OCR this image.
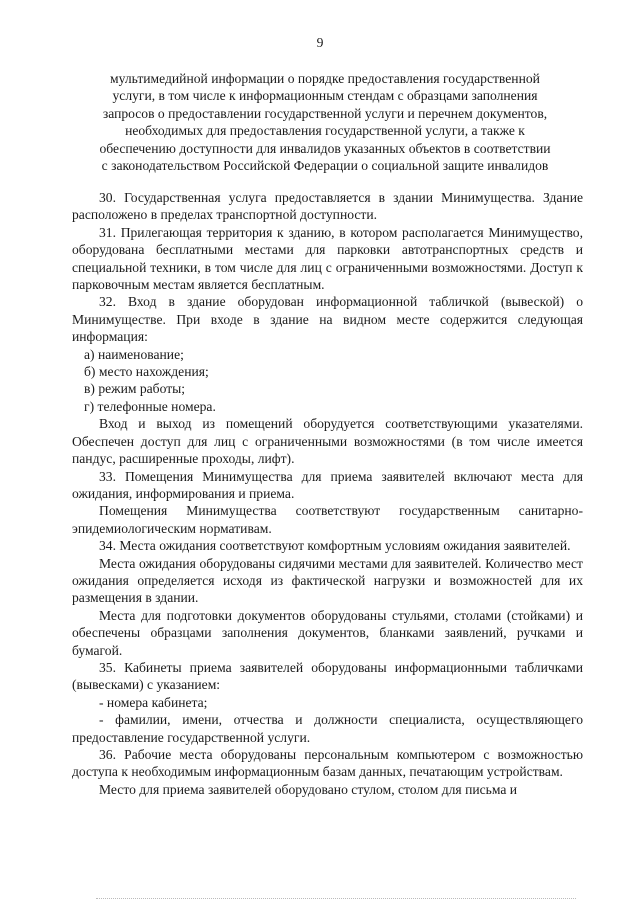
9
мультимедийной информации о порядке предоставления государственной
услуги, в том числе к информационным стендам с образцами заполнения
запросов о предоставлении государственной услуги и перечнем документов,
необходимых для предоставления государственной услуги, а также к
обеспечению доступности для инвалидов указанных объектов в соответствии
с законодательством Российской Федерации о социальной защите инвалидов
30. Государственная услуга предоставляется в здании Минимущества. Здание расположено в пределах транспортной доступности.
31. Прилегающая территория к зданию, в котором располагается Минимущество, оборудована бесплатными местами для парковки автотранспортных средств и специальной техники, в том числе для лиц с ограниченными возможностями. Доступ к парковочным местам является бесплатным.
32. Вход в здание оборудован информационной табличкой (вывеской) о Минимуществе. При входе в здание на видном месте содержится следующая информация:
а) наименование;
б) место нахождения;
в) режим работы;
г) телефонные номера.
Вход и выход из помещений оборудуется соответствующими указателями. Обеспечен доступ для лиц с ограниченными возможностями (в том числе имеется пандус, расширенные проходы, лифт).
33. Помещения Минимущества для приема заявителей включают места для ожидания, информирования и приема.
Помещения Минимущества соответствуют государственным санитарно-эпидемиологическим нормативам.
34. Места ожидания соответствуют комфортным условиям ожидания заявителей.
Места ожидания оборудованы сидячими местами для заявителей. Количество мест ожидания определяется исходя из фактической нагрузки и возможностей для их размещения в здании.
Места для подготовки документов оборудованы стульями, столами (стойками) и обеспечены образцами заполнения документов, бланками заявлений, ручками и бумагой.
35. Кабинеты приема заявителей оборудованы информационными табличками (вывесками) с указанием:
- номера кабинета;
- фамилии, имени, отчества и должности специалиста, осуществляющего предоставление государственной услуги.
36. Рабочие места оборудованы персональным компьютером с возможностью доступа к необходимым информационным базам данных, печатающим устройствам.
Место для приема заявителей оборудовано стулом, столом для письма и
